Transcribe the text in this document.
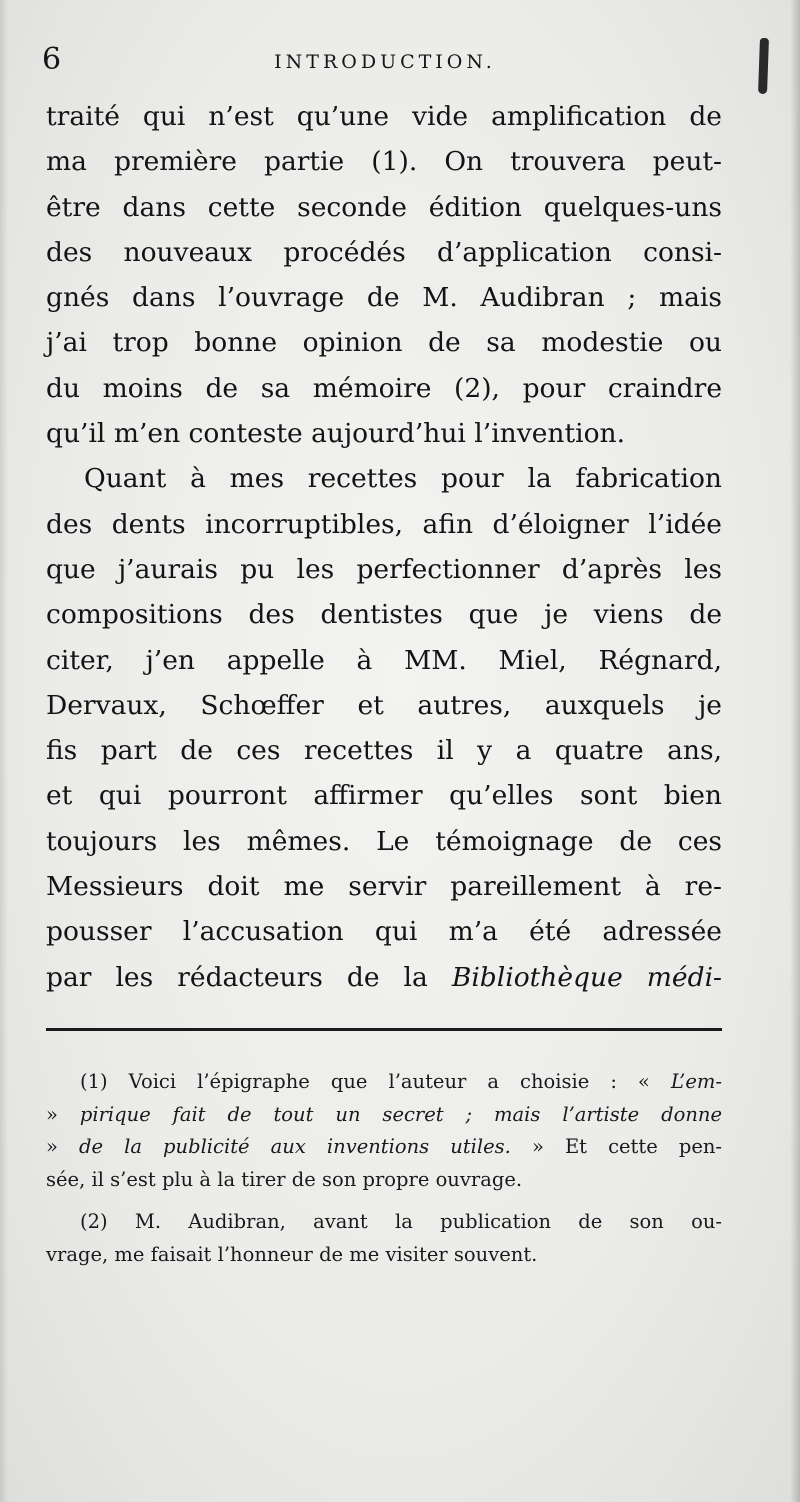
6	INTRODUCTION.
traité qui n’est qu’une vide amplification de
ma première partie (1). On trouvera peut-
être dans cette seconde édition quelques-uns
des nouveaux procédés d’application consi-
gnés dans l’ouvrage de M. Audibran ; mais
j’ai trop bonne opinion de sa modestie ou
du moins de sa mémoire (2), pour craindre
qu’il m’en conteste aujourd’hui l’invention.
Quant à mes recettes pour la fabrication
des dents incorruptibles, afin d’éloigner l’idée
que j’aurais pu les perfectionner d’après les
compositions des dentistes que je viens de
citer, j’en appelle à MM. Miel, Régnard,
Dervaux, Schœffer et autres, auxquels je
fis part de ces recettes il y a quatre ans,
et qui pourront affirmer qu’elles sont bien
toujours les mêmes. Le témoignage de ces
Messieurs doit me servir pareillement à re-
pousser l’accusation qui m’a été adressée
par les rédacteurs de la Bibliothèque médi-
(1) Voici l’épigraphe que l’auteur a choisie : « L’em-
» pirique fait de tout un secret ; mais l’artiste donne
» de la publicité aux inventions utiles. » Et cette pen-
sée, il s’est plu à la tirer de son propre ouvrage.
(2) M. Audibran, avant la publication de son ou-
vrage, me faisait l’honneur de me visiter souvent.
